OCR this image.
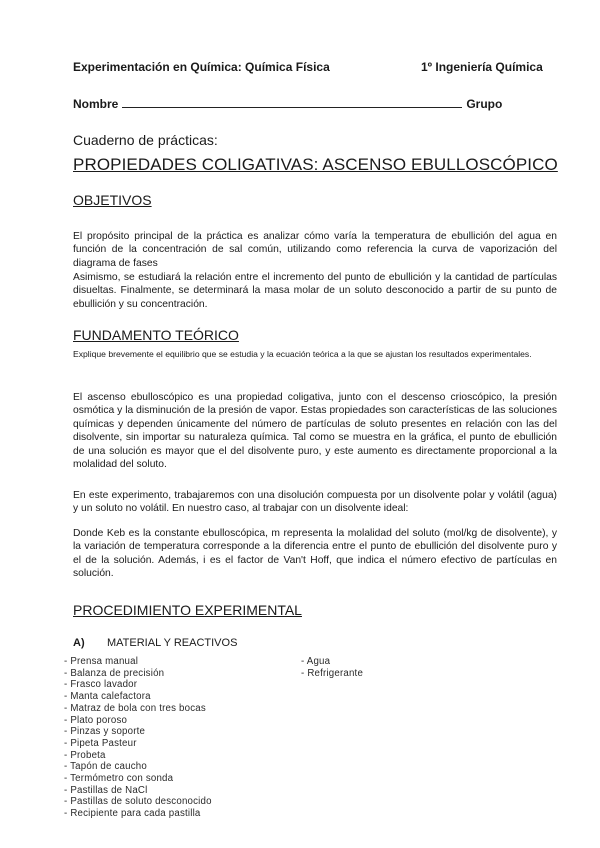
Experimentación en Química: Química Física	1º Ingeniería Química
Nombre	Grupo
Cuaderno de prácticas:
PROPIEDADES COLIGATIVAS: ASCENSO EBULLOSCÓPICO
OBJETIVOS
El propósito principal de la práctica es analizar cómo varía la temperatura de ebullición del agua en función de la concentración de sal común, utilizando como referencia la curva de vaporización del diagrama de fases
Asimismo, se estudiará la relación entre el incremento del punto de ebullición y la cantidad de partículas disueltas. Finalmente, se determinará la masa molar de un soluto desconocido a partir de su punto de ebullición y su concentración.
FUNDAMENTO TEÓRICO
Explique brevemente el equilibrio que se estudia y la ecuación teórica a la que se ajustan los resultados experimentales.
El ascenso ebulloscópico es una propiedad coligativa, junto con el descenso crioscópico, la presión osmótica y la disminución de la presión de vapor. Estas propiedades son características de las soluciones químicas y dependen únicamente del número de partículas de soluto presentes en relación con las del disolvente, sin importar su naturaleza química. Tal como se muestra en la gráfica, el punto de ebullición de una solución es mayor que el del disolvente puro, y este aumento es directamente proporcional a la molalidad del soluto.
En este experimento, trabajaremos con una disolución compuesta por un disolvente polar y volátil (agua) y un soluto no volátil. En nuestro caso, al trabajar con un disolvente ideal:
Donde Keb es la constante ebulloscópica, m representa la molalidad del soluto (mol/kg de disolvente), y la variación de temperatura corresponde a la diferencia entre el punto de ebullición del disolvente puro y el de la solución. Además, i es el factor de Van't Hoff, que indica el número efectivo de partículas en solución.
PROCEDIMIENTO EXPERIMENTAL
A) MATERIAL Y REACTIVOS
- Prensa manual
- Balanza de precisión
- Frasco lavador
- Manta calefactora
- Matraz de bola con tres bocas
- Plato poroso
- Pinzas y soporte
- Pipeta Pasteur
- Probeta
- Tapón de caucho
- Termómetro con sonda
- Pastillas de NaCl
- Pastillas de soluto desconocido
- Recipiente para cada pastilla
- Agua
- Refrigerante
